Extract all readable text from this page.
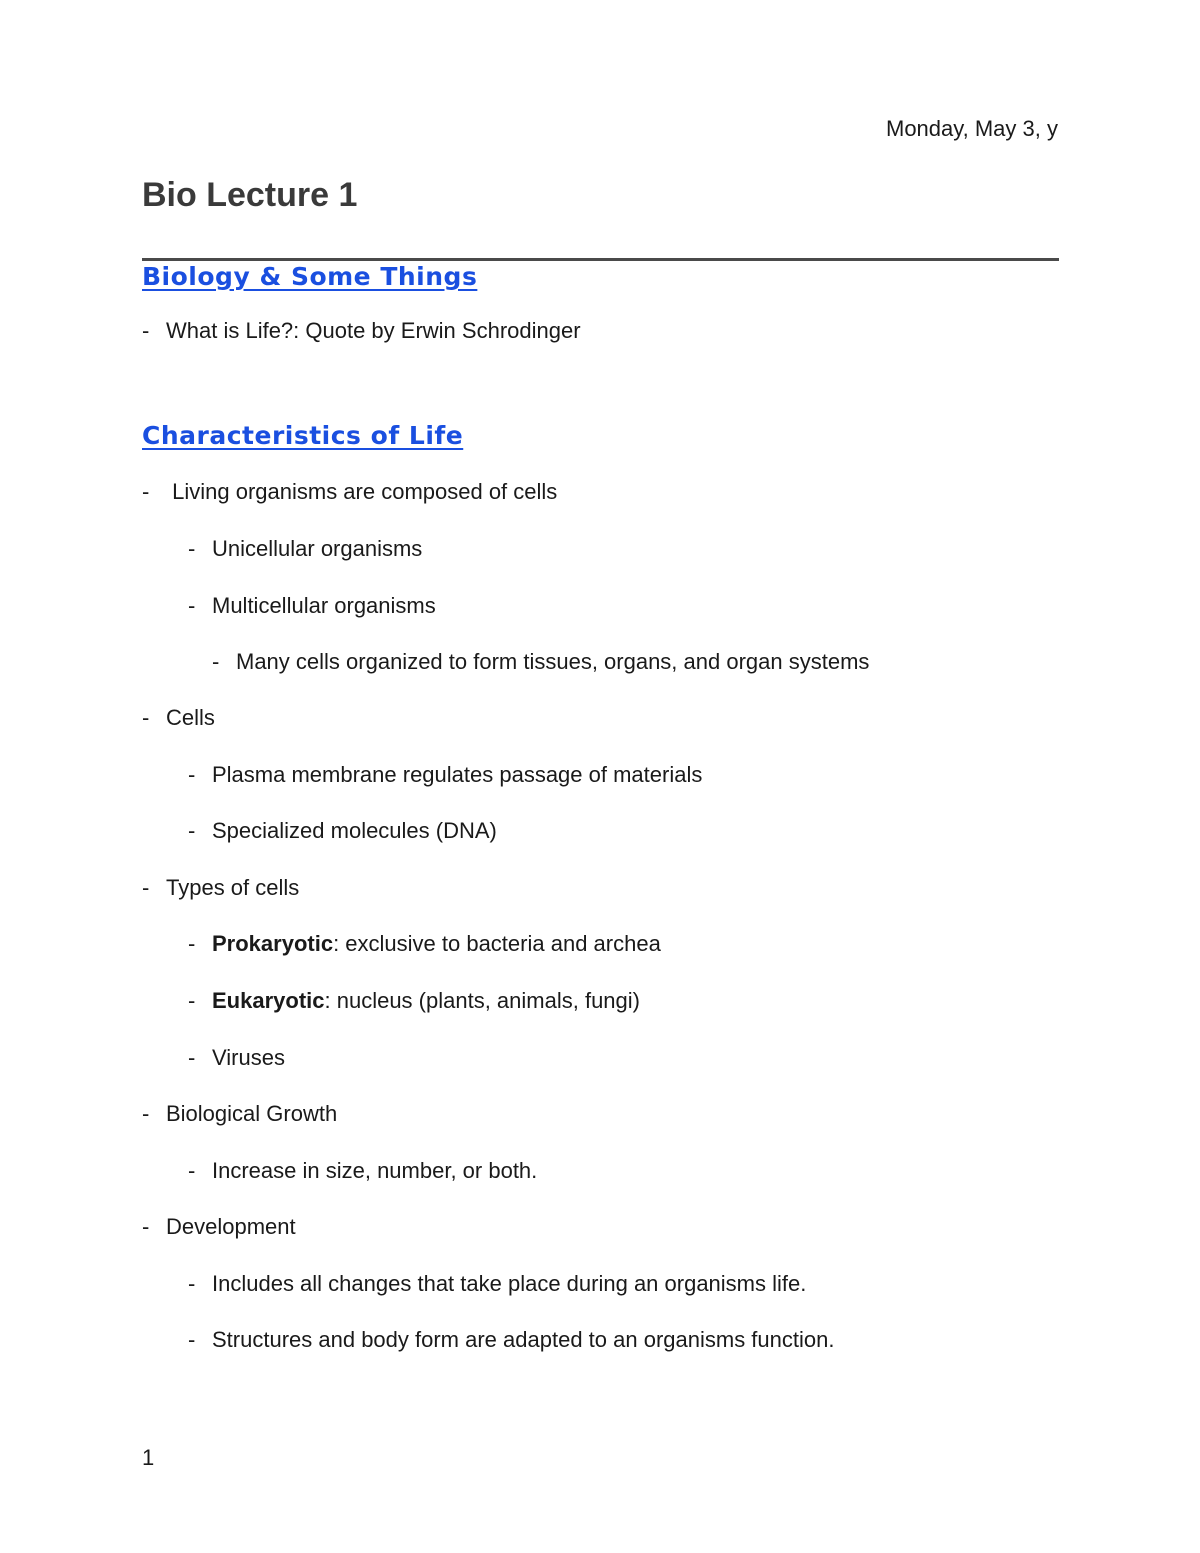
Monday, May 3, y
Bio Lecture 1
Biology & Some Things
- What is Life?: Quote by Erwin Schrodinger
Characteristics of Life
- Living organisms are composed of cells
- Unicellular organisms
- Multicellular organisms
- Many cells organized to form tissues, organs, and organ systems
- Cells
- Plasma membrane regulates passage of materials
- Specialized molecules (DNA)
- Types of cells
- Prokaryotic : exclusive to bacteria and archea
- Eukaryotic : nucleus (plants, animals, fungi)
- Viruses
- Biological Growth
- Increase in size, number, or both.
- Development
- Includes all changes that take place during an organisms life.
- Structures and body form are adapted to an organisms function.
1
